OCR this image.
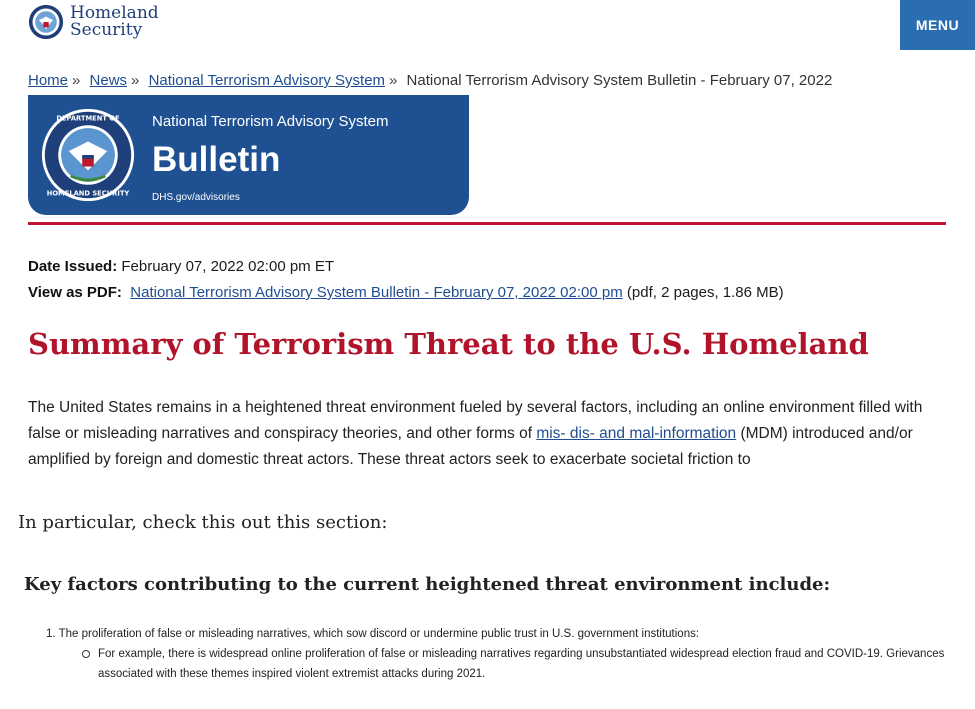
Homeland
Security	MENU
Home » News » National Terrorism Advisory System » National Terrorism Advisory System Bulletin - February 07, 2022
DEPARTMENT OF
HOMELAND SECURITY
National Terrorism Advisory System
Bulletin
DHS.gov/advisories
Date Issued: February 07, 2022 02:00 pm ET
View as PDF: National Terrorism Advisory System Bulletin - February 07, 2022 02:00 pm (pdf, 2 pages, 1.86 MB)
Summary of Terrorism Threat to the U.S. Homeland
The United States remains in a heightened threat environment fueled by several factors, including an online environment filled with false or misleading narratives and conspiracy theories, and other forms of mis- dis- and mal-information (MDM) introduced and/or amplified by foreign and domestic threat actors. These threat actors seek to exacerbate societal friction to
In particular, check this out this section:
Key factors contributing to the current heightened threat environment include:
1. The proliferation of false or misleading narratives, which sow discord or undermine public trust in U.S. government institutions:
For example, there is widespread online proliferation of false or misleading narratives regarding unsubstantiated widespread election fraud and COVID-19. Grievances associated with these themes inspired violent extremist attacks during 2021.
